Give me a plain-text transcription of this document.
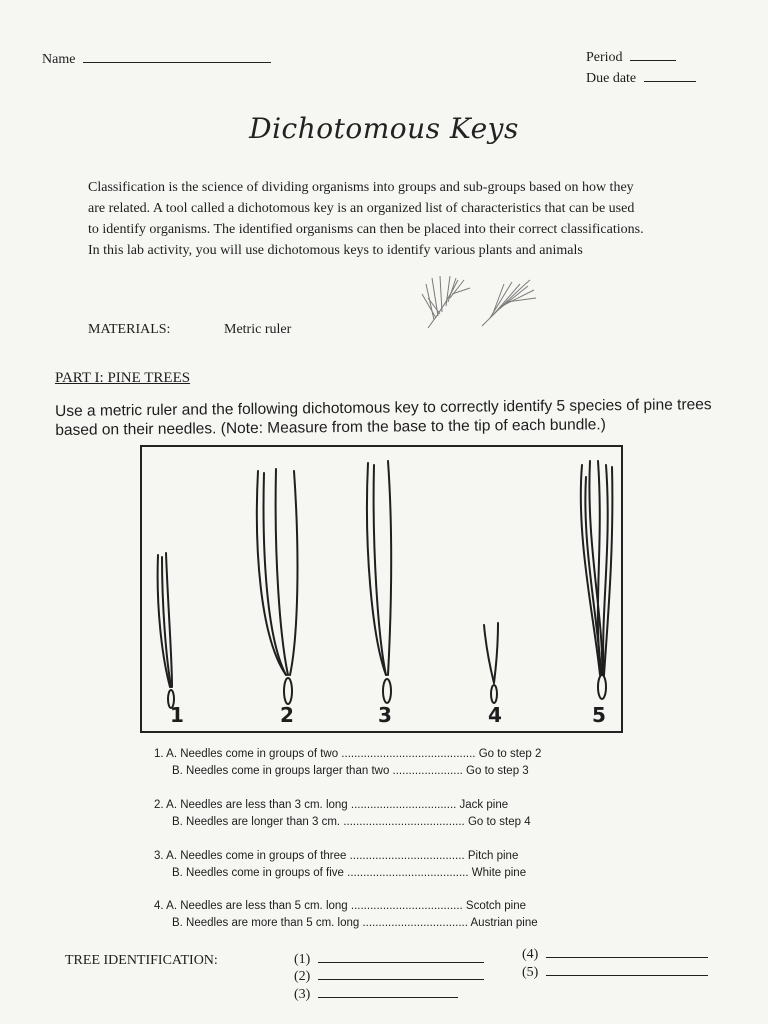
Name	Period
Due date
Dichotomous Keys
Classification is the science of dividing organisms into groups and sub-groups based on how they are related. A tool called a dichotomous key is an organized list of characteristics that can be used to identify organisms. The identified organisms can then be placed into their correct classifications. In this lab activity, you will use dichotomous keys to identify various plants and animals
MATERIALS:	Metric ruler
PART I: PINE TREES
Use a metric ruler and the following dichotomous key to correctly identify 5 species of pine trees based on their needles. (Note: Measure from the base to the tip of each bundle.)
1	2	3	4	5
1. A. Needles come in groups of two .......................................... Go to step 2
B. Needles come in groups larger than two ...................... Go to step 3
2. A. Needles are less than 3 cm. long ................................. Jack pine
B. Needles are longer than 3 cm. ...................................... Go to step 4
3. A. Needles come in groups of three .................................... Pitch pine
B. Needles come in groups of five ...................................... White pine
4. A. Needles are less than 5 cm. long ................................... Scotch pine
B. Needles are more than 5 cm. long ................................. Austrian pine
TREE IDENTIFICATION:	(1)
(2)
(3)
(4)
(5)
